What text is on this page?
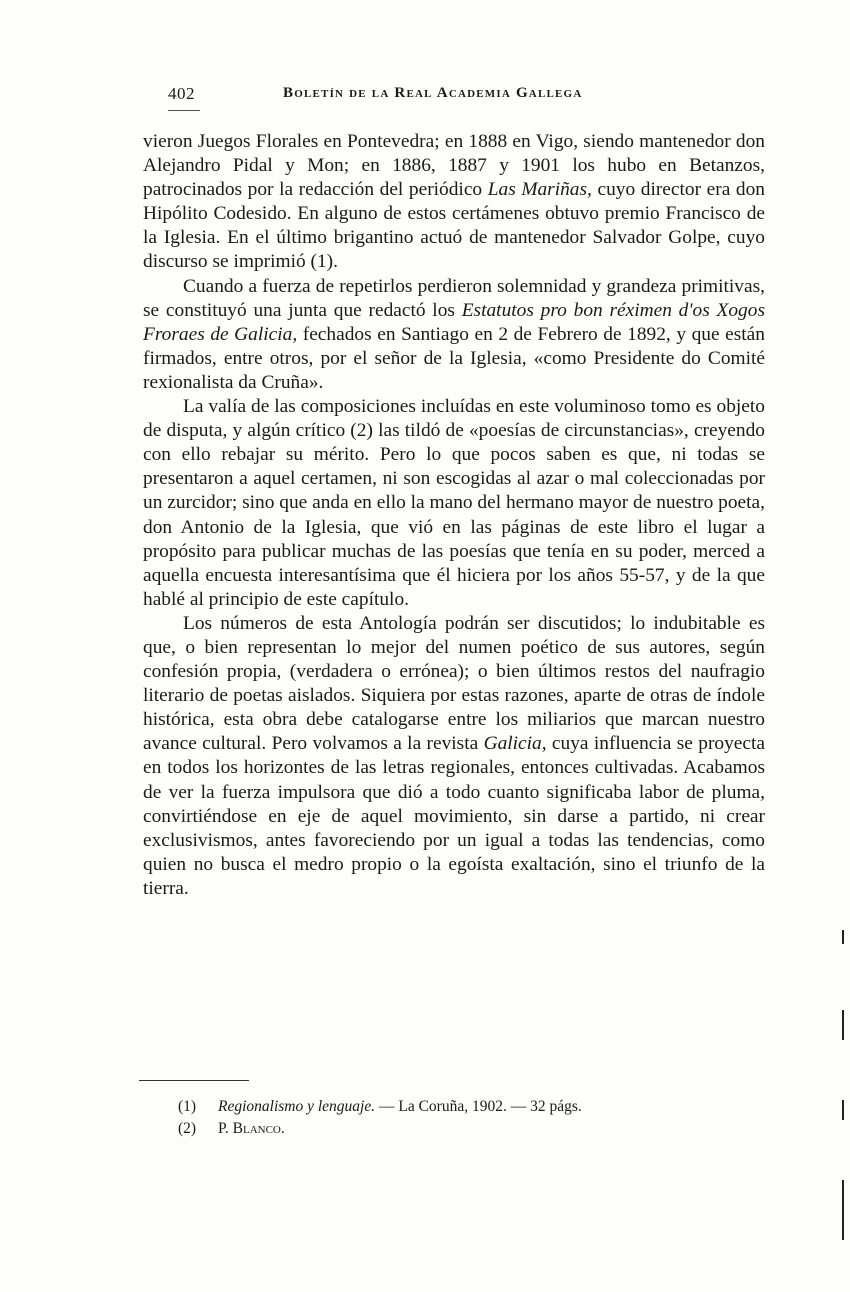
402	Boletín de la Real Academia Gallega

vieron Juegos Florales en Pontevedra; en 1888 en Vigo, siendo mantenedor don Alejandro Pidal y Mon; en 1886, 1887 y 1901 los hubo en Betanzos, patrocinados por la redacción del periódico Las Mariñas, cuyo director era don Hipólito Codesido. En alguno de estos certámenes obtuvo premio Francisco de la Iglesia. En el último brigantino actuó de mantenedor Salvador Golpe, cuyo discurso se imprimió (1).

Cuando a fuerza de repetirlos perdieron solemnidad y grandeza primitivas, se constituyó una junta que redactó los Estatutos pro bon réximen d'os Xogos Froraes de Galicia, fechados en Santiago en 2 de Febrero de 1892, y que están firmados, entre otros, por el señor de la Iglesia, «como Presidente do Comité rexionalista da Cruña».

La valía de las composiciones incluídas en este voluminoso tomo es objeto de disputa, y algún crítico (2) las tildó de «poesías de circunstancias», creyendo con ello rebajar su mérito. Pero lo que pocos saben es que, ni todas se presentaron a aquel certamen, ni son escogidas al azar o mal coleccionadas por un zurcidor; sino que anda en ello la mano del hermano mayor de nuestro poeta, don Antonio de la Iglesia, que vió en las páginas de este libro el lugar a propósito para publicar muchas de las poesías que tenía en su poder, merced a aquella encuesta interesantísima que él hiciera por los años 55-57, y de la que hablé al principio de este capítulo.

Los números de esta Antología podrán ser discutidos; lo indubitable es que, o bien representan lo mejor del numen poético de sus autores, según confesión propia, (verdadera o errónea); o bien últimos restos del naufragio literario de poetas aislados. Siquiera por estas razones, aparte de otras de índole histórica, esta obra debe catalogarse entre los miliarios que marcan nuestro avance cultural. Pero volvamos a la revista Galicia, cuya influencia se proyecta en todos los horizontes de las letras regionales, entonces cultivadas. Acabamos de ver la fuerza impulsora que dió a todo cuanto significaba labor de pluma, convirtiéndose en eje de aquel movimiento, sin darse a partido, ni crear exclusivismos, antes favoreciendo por un igual a todas las tendencias, como quien no busca el medro propio o la egoísta exaltación, sino el triunfo de la tierra.

(1) Regionalismo y lenguaje. — La Coruña, 1902. — 32 págs.
(2) P. Blanco.
